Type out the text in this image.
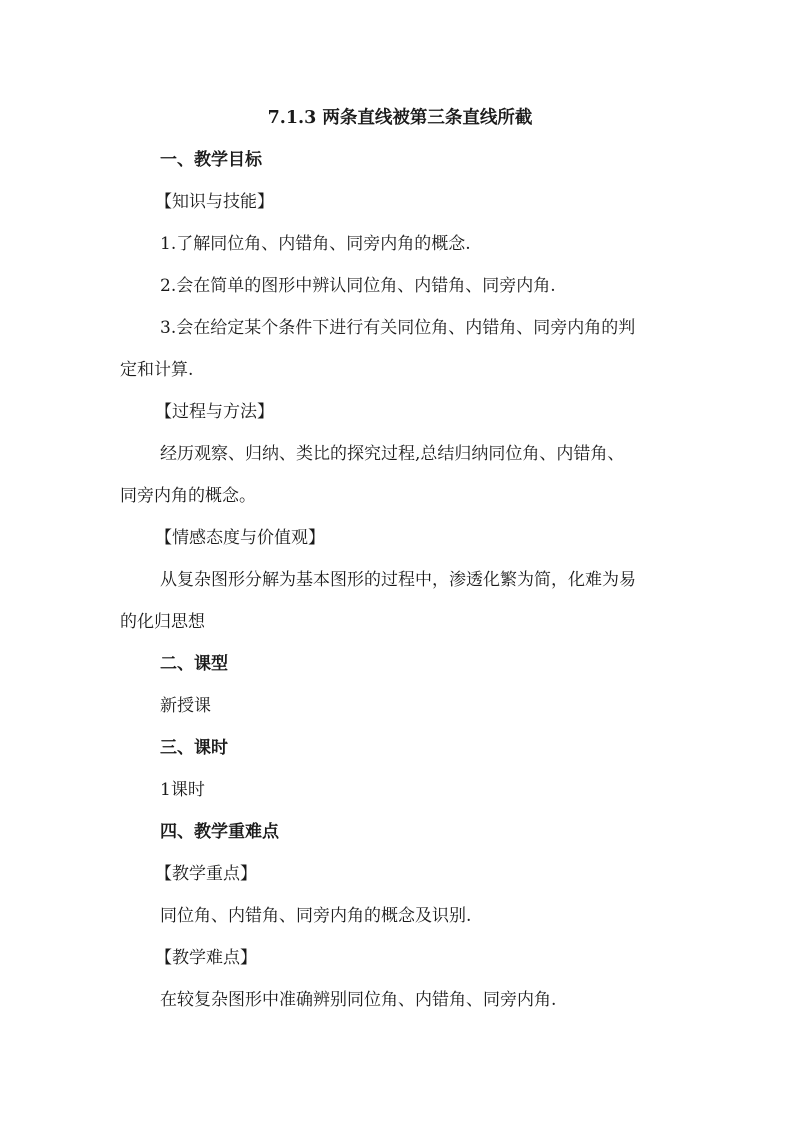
7.1.3 两条直线被第三条直线所截
一、教学目标
【知识与技能】
1.了解同位角、内错角、同旁内角的概念.
2.会在简单的图形中辨认同位角、内错角、同旁内角.
3.会在给定某个条件下进行有关同位角、内错角、同旁内角的判
定和计算.
【过程与方法】
经历观察、归纳、类比的探究过程,总结归纳同位角、内错角、
同旁内角的概念。
【情感态度与价值观】
从复杂图形分解为基本图形的过程中，渗透化繁为简，化难为易
的化归思想
二、课型
新授课
三、课时
1课时
四、教学重难点
【教学重点】
同位角、内错角、同旁内角的概念及识别.
【教学难点】
在较复杂图形中准确辨别同位角、内错角、同旁内角.
